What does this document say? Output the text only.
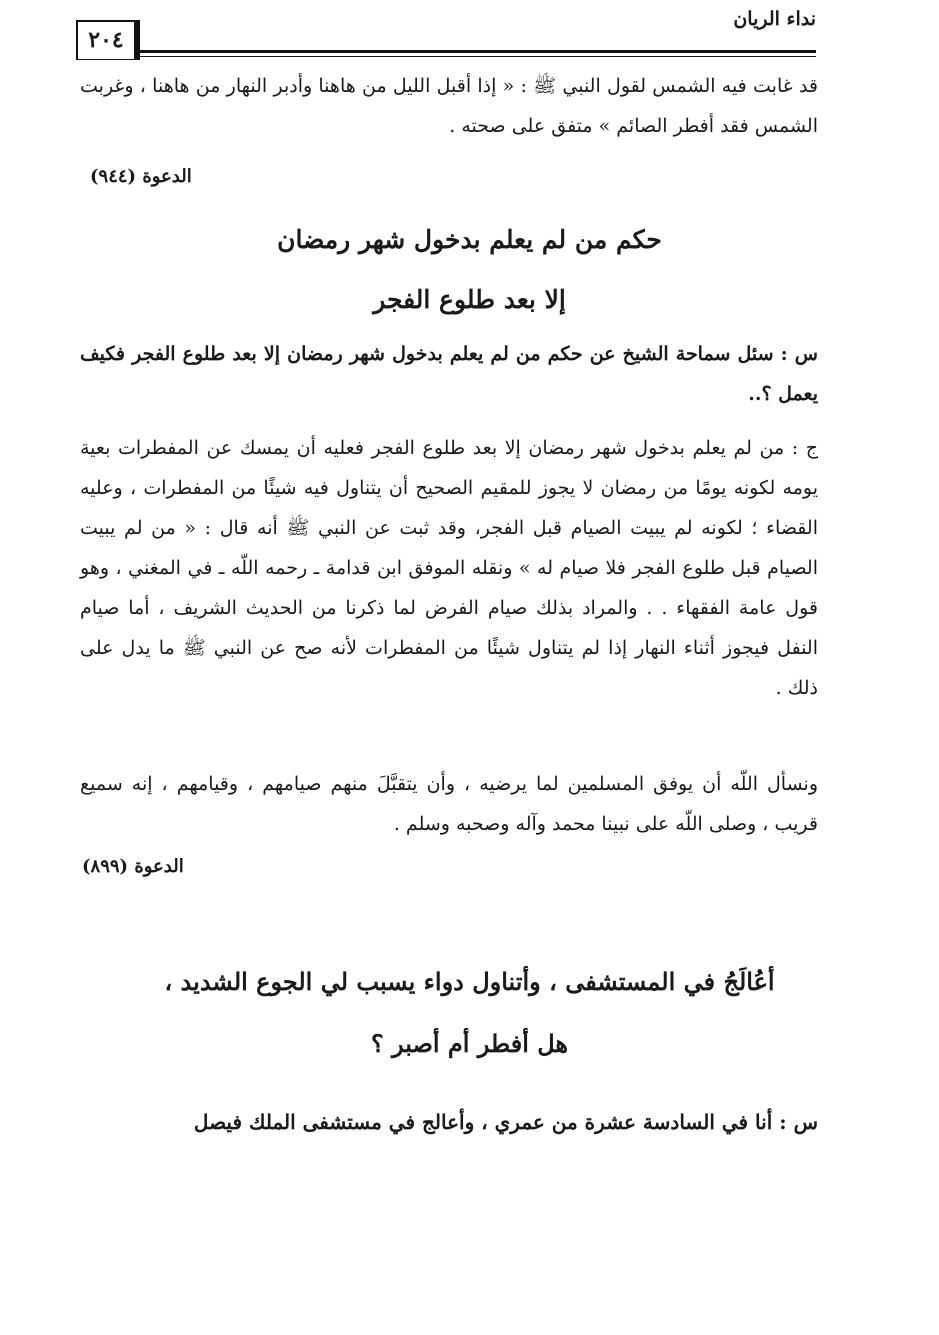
نداء الريان
٢٠٤

قد غابت فيه الشمس لقول النبي ﷺ : « إذا أقبل الليل من هاهنا وأدبر النهار من هاهنا ، وغربت الشمس فقد أفطر الصائم » متفق على صحته .

الدعوة (٩٤٤)

حكم من لم يعلم بدخول شهر رمضان
إلا بعد طلوع الفجر

س : سئل سماحة الشيخ عن حكم من لم يعلم بدخول شهر رمضان إلا بعد طلوع الفجر فكيف يعمل ؟..

ج : من لم يعلم بدخول شهر رمضان إلا بعد طلوع الفجر فعليه أن يمسك عن المفطرات بعية يومه لكونه يومًا من رمضان لا يجوز للمقيم الصحيح أن يتناول فيه شيئًا من المفطرات ، وعليه القضاء ؛ لكونه لم يبيت الصيام قبل الفجر، وقد ثبت عن النبي ﷺ أنه قال : « من لم يبيت الصيام قبل طلوع الفجر فلا صيام له » ونقله الموفق ابن قدامة ـ رحمه اللّه ـ في المغني ، وهو قول عامة الفقهاء . . والمراد بذلك صيام الفرض لما ذكرنا من الحديث الشريف ، أما صيام النفل فيجوز أثناء النهار إذا لم يتناول شيئًا من المفطرات لأنه صح عن النبي ﷺ ما يدل على ذلك .

ونسأل اللّه أن يوفق المسلمين لما يرضيه ، وأن يتقبَّلَ منهم صيامهم ، وقيامهم ، إنه سميع قريب ، وصلى اللّه على نبينا محمد وآله وصحبه وسلم .

الدعوة (٨٩٩)

أعُالَجُ في المستشفى ، وأتناول دواء يسبب لي الجوع الشديد ،
هل أفطر أم أصبر ؟

س : أنا في السادسة عشرة من عمري ، وأعالج في مستشفى الملك فيصل
